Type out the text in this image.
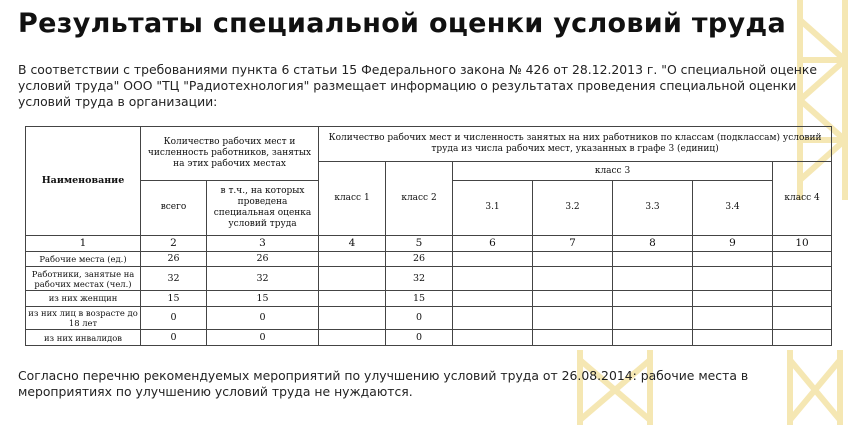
Результаты специальной оценки условий труда

В соответствии с требованиями пункта 6 статьи 15 Федерального закона № 426 от 28.12.2013 г. "О специальной оценке условий труда" ООО "ТЦ "Радиотехнология" размещает информацию о результатах проведения специальной оценки условий труда в организации:

Наименование	Количество рабочих мест и численность работников, занятых на этих рабочих местах		Количество рабочих мест и численность занятых на них работников по классам (подклассам) условий труда из числа рабочих мест, указанных в графе 3 (единиц)						
			класс 1	класс 2	класс 3				класс 4
	всего	в т.ч., на которых проведена специальная оценка условий труда			3.1	3.2	3.3	3.4	
1	2	3	4	5	6	7	8	9	10
Рабочие места (ед.)	26	26		26					
Работники, занятые на рабочих местах (чел.)	32	32		32					
из них женщин	15	15		15					
из них лиц в возрасте до 18 лет	0	0		0					
из них инвалидов	0	0		0					

Согласно перечню рекомендуемых мероприятий по улучшению условий труда от 26.08.2014: рабочие места в мероприятиях по улучшению условий труда не нуждаются.
